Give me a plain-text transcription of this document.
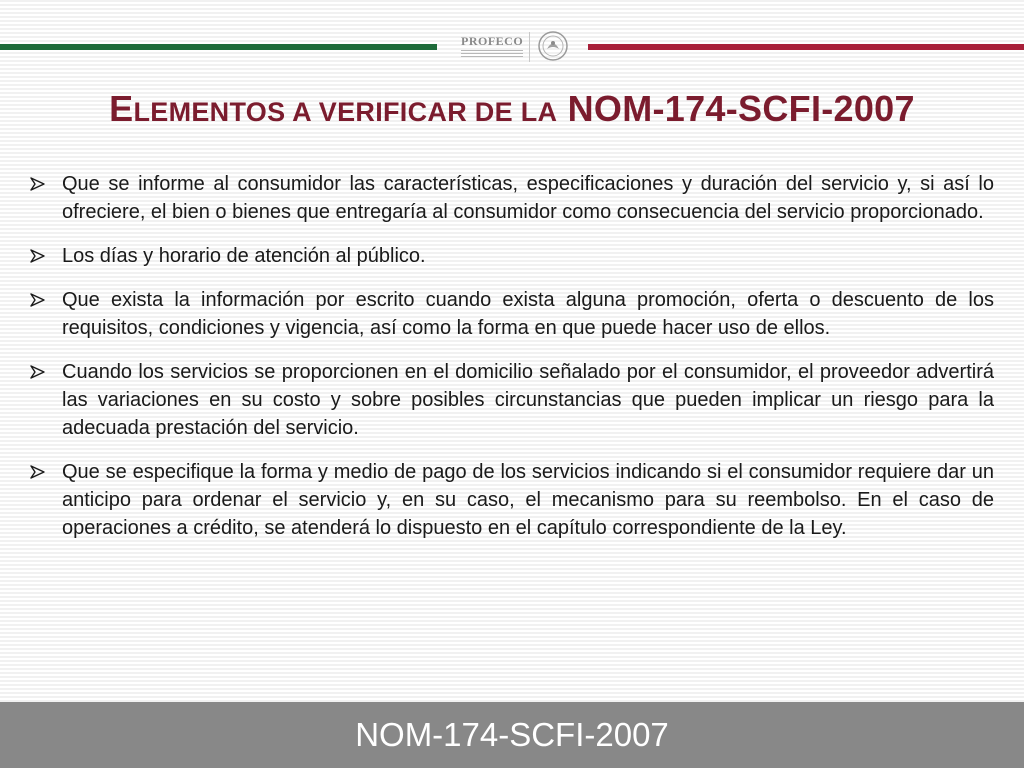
PROFECO
ELEMENTOS A VERIFICAR DE LA NOM-174-SCFI-2007
Que se informe al consumidor las características, especificaciones y duración del servicio y, si así lo ofreciere, el bien o bienes que entregaría al consumidor como consecuencia del servicio proporcionado.
Los días y horario de atención al público.
Que exista la información por escrito cuando exista alguna promoción, oferta o descuento de los requisitos, condiciones y vigencia, así como la forma en que puede hacer uso de ellos.
Cuando los servicios se proporcionen en el domicilio señalado por el consumidor, el proveedor advertirá las variaciones en su costo y sobre posibles circunstancias que pueden implicar un riesgo para la adecuada prestación del servicio.
Que se especifique la forma y medio de pago de los servicios indicando si el consumidor requiere dar un anticipo para ordenar el servicio y, en su caso, el mecanismo para su reembolso. En el caso de operaciones a crédito, se atenderá lo dispuesto en el capítulo correspondiente de la Ley.
NOM-174-SCFI-2007
